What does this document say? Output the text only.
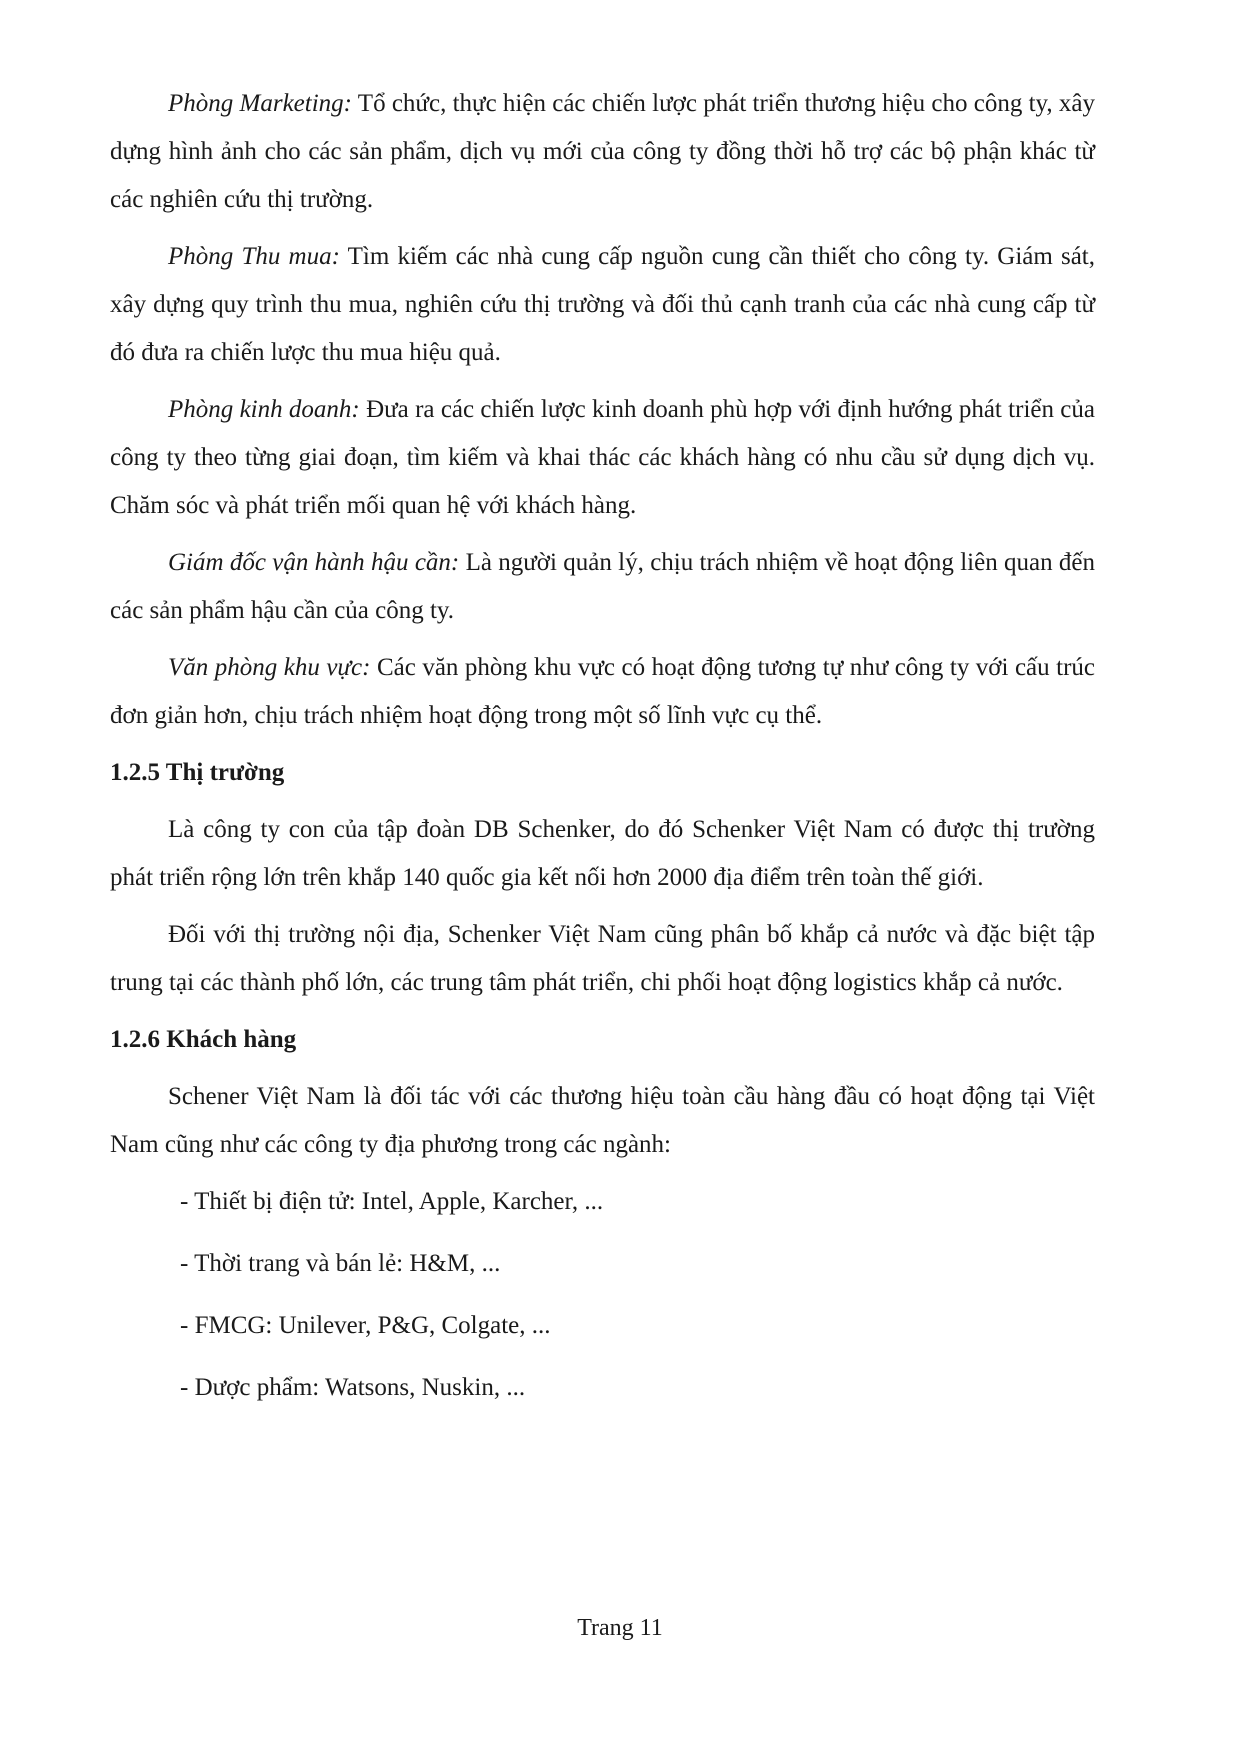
Phòng Marketing: Tổ chức, thực hiện các chiến lược phát triển thương hiệu cho công ty, xây dựng hình ảnh cho các sản phẩm, dịch vụ mới của công ty đồng thời hỗ trợ các bộ phận khác từ các nghiên cứu thị trường.

Phòng Thu mua: Tìm kiếm các nhà cung cấp nguồn cung cần thiết cho công ty. Giám sát, xây dựng quy trình thu mua, nghiên cứu thị trường và đối thủ cạnh tranh của các nhà cung cấp từ đó đưa ra chiến lược thu mua hiệu quả.

Phòng kinh doanh: Đưa ra các chiến lược kinh doanh phù hợp với định hướng phát triển của công ty theo từng giai đoạn, tìm kiếm và khai thác các khách hàng có nhu cầu sử dụng dịch vụ. Chăm sóc và phát triển mối quan hệ với khách hàng.

Giám đốc vận hành hậu cần: Là người quản lý, chịu trách nhiệm về hoạt động liên quan đến các sản phẩm hậu cần của công ty.

Văn phòng khu vực: Các văn phòng khu vực có hoạt động tương tự như công ty với cấu trúc đơn giản hơn, chịu trách nhiệm hoạt động trong một số lĩnh vực cụ thể.

1.2.5 Thị trường

Là công ty con của tập đoàn DB Schenker, do đó Schenker Việt Nam có được thị trường phát triển rộng lớn trên khắp 140 quốc gia kết nối hơn 2000 địa điểm trên toàn thế giới.

Đối với thị trường nội địa, Schenker Việt Nam cũng phân bố khắp cả nước và đặc biệt tập trung tại các thành phố lớn, các trung tâm phát triển, chi phối hoạt động logistics khắp cả nước.

1.2.6 Khách hàng

Schener Việt Nam là đối tác với các thương hiệu toàn cầu hàng đầu có hoạt động tại Việt Nam cũng như các công ty địa phương trong các ngành:

- Thiết bị điện tử: Intel, Apple, Karcher, ...
- Thời trang và bán lẻ: H&M, ...
- FMCG: Unilever, P&G, Colgate, ...
- Dược phẩm: Watsons, Nuskin, ...
Trang 11
